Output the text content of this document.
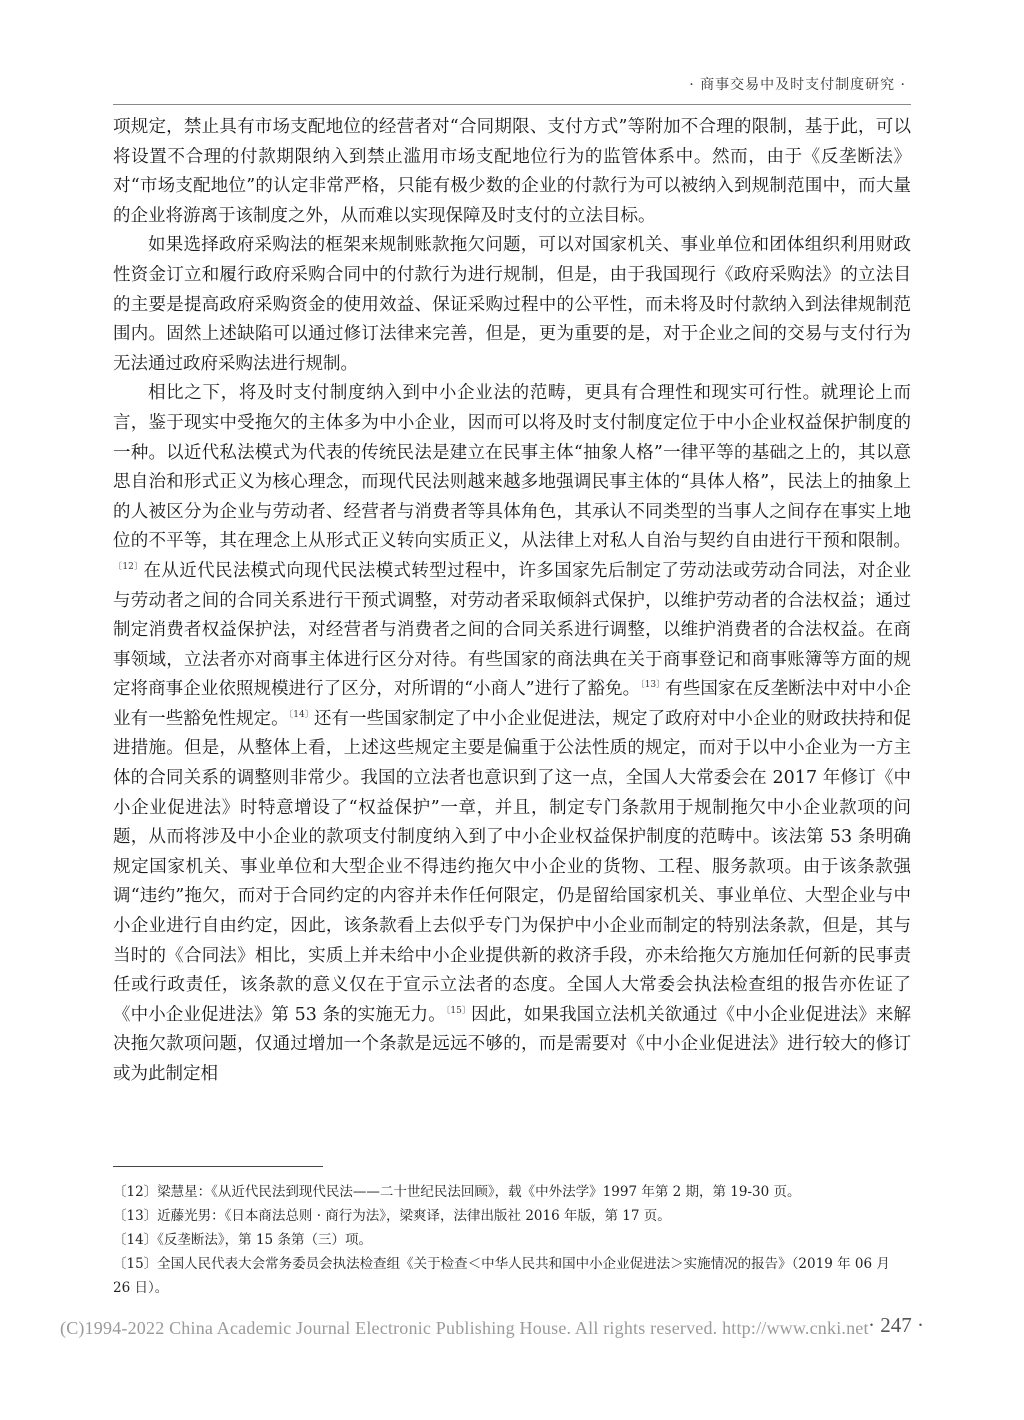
· 商事交易中及时支付制度研究 ·

项规定，禁止具有市场支配地位的经营者对“合同期限、支付方式”等附加不合理的限制，基于此，可以将设置不合理的付款期限纳入到禁止滥用市场支配地位行为的监管体系中。然而，由于《反垄断法》对“市场支配地位”的认定非常严格，只能有极少数的企业的付款行为可以被纳入到规制范围中，而大量的企业将游离于该制度之外，从而难以实现保障及时支付的立法目标。

如果选择政府采购法的框架来规制账款拖欠问题，可以对国家机关、事业单位和团体组织利用财政性资金订立和履行政府采购合同中的付款行为进行规制，但是，由于我国现行《政府采购法》的立法目的主要是提高政府采购资金的使用效益、保证采购过程中的公平性，而未将及时付款纳入到法律规制范围内。固然上述缺陷可以通过修订法律来完善，但是，更为重要的是，对于企业之间的交易与支付行为无法通过政府采购法进行规制。

相比之下，将及时支付制度纳入到中小企业法的范畴，更具有合理性和现实可行性。就理论上而言，鉴于现实中受拖欠的主体多为中小企业，因而可以将及时支付制度定位于中小企业权益保护制度的一种。以近代私法模式为代表的传统民法是建立在民事主体“抽象人格”一律平等的基础之上的，其以意思自治和形式正义为核心理念，而现代民法则越来越多地强调民事主体的“具体人格”，民法上的抽象上的人被区分为企业与劳动者、经营者与消费者等具体角色，其承认不同类型的当事人之间存在事实上地位的不平等，其在理念上从形式正义转向实质正义，从法律上对私人自治与契约自由进行干预和限制。$^{〔12〕}$在从近代民法模式向现代民法模式转型过程中，许多国家先后制定了劳动法或劳动合同法，对企业与劳动者之间的合同关系进行干预式调整，对劳动者采取倾斜式保护，以维护劳动者的合法权益；通过制定消费者权益保护法，对经营者与消费者之间的合同关系进行调整，以维护消费者的合法权益。在商事领域，立法者亦对商事主体进行区分对待。有些国家的商法典在关于商事登记和商事账簿等方面的规定将商事企业依照规模进行了区分，对所谓的“小商人”进行了豁免。$^{〔13〕}$有些国家在反垄断法中对中小企业有一些豁免性规定。$^{〔14〕}$还有一些国家制定了中小企业促进法，规定了政府对中小企业的财政扶持和促进措施。但是，从整体上看，上述这些规定主要是偏重于公法性质的规定，而对于以中小企业为一方主体的合同关系的调整则非常少。我国的立法者也意识到了这一点，全国人大常委会在 2017 年修订《中小企业促进法》时特意增设了“权益保护”一章，并且，制定专门条款用于规制拖欠中小企业款项的问题，从而将涉及中小企业的款项支付制度纳入到了中小企业权益保护制度的范畴中。该法第 53 条明确规定国家机关、事业单位和大型企业不得违约拖欠中小企业的货物、工程、服务款项。由于该条款强调“违约”拖欠，而对于合同约定的内容并未作任何限定，仍是留给国家机关、事业单位、大型企业与中小企业进行自由约定，因此，该条款看上去似乎专门为保护中小企业而制定的特别法条款，但是，其与当时的《合同法》相比，实质上并未给中小企业提供新的救济手段，亦未给拖欠方施加任何新的民事责任或行政责任，该条款的意义仅在于宣示立法者的态度。全国人大常委会执法检查组的报告亦佐证了《中小企业促进法》第 53 条的实施无力。$^{〔15〕}$因此，如果我国立法机关欲通过《中小企业促进法》来解决拖欠款项问题，仅通过增加一个条款是远远不够的，而是需要对《中小企业促进法》进行较大的修订或为此制定相

〔12〕梁慧星：《从近代民法到现代民法——二十世纪民法回顾》，载《中外法学》1997 年第 2 期，第 19-30 页。
〔13〕近藤光男：《日本商法总则 · 商行为法》，梁爽译，法律出版社 2016 年版，第 17 页。
〔14〕《反垄断法》，第 15 条第（三）项。
〔15〕全国人民代表大会常务委员会执法检查组《关于检查＜中华人民共和国中小企业促进法＞实施情况的报告》（2019 年 06 月 26 日）。
(C)1994-2022 China Academic Journal Electronic Publishing House. All rights reserved. http://www.cnki.net · 247 ·
